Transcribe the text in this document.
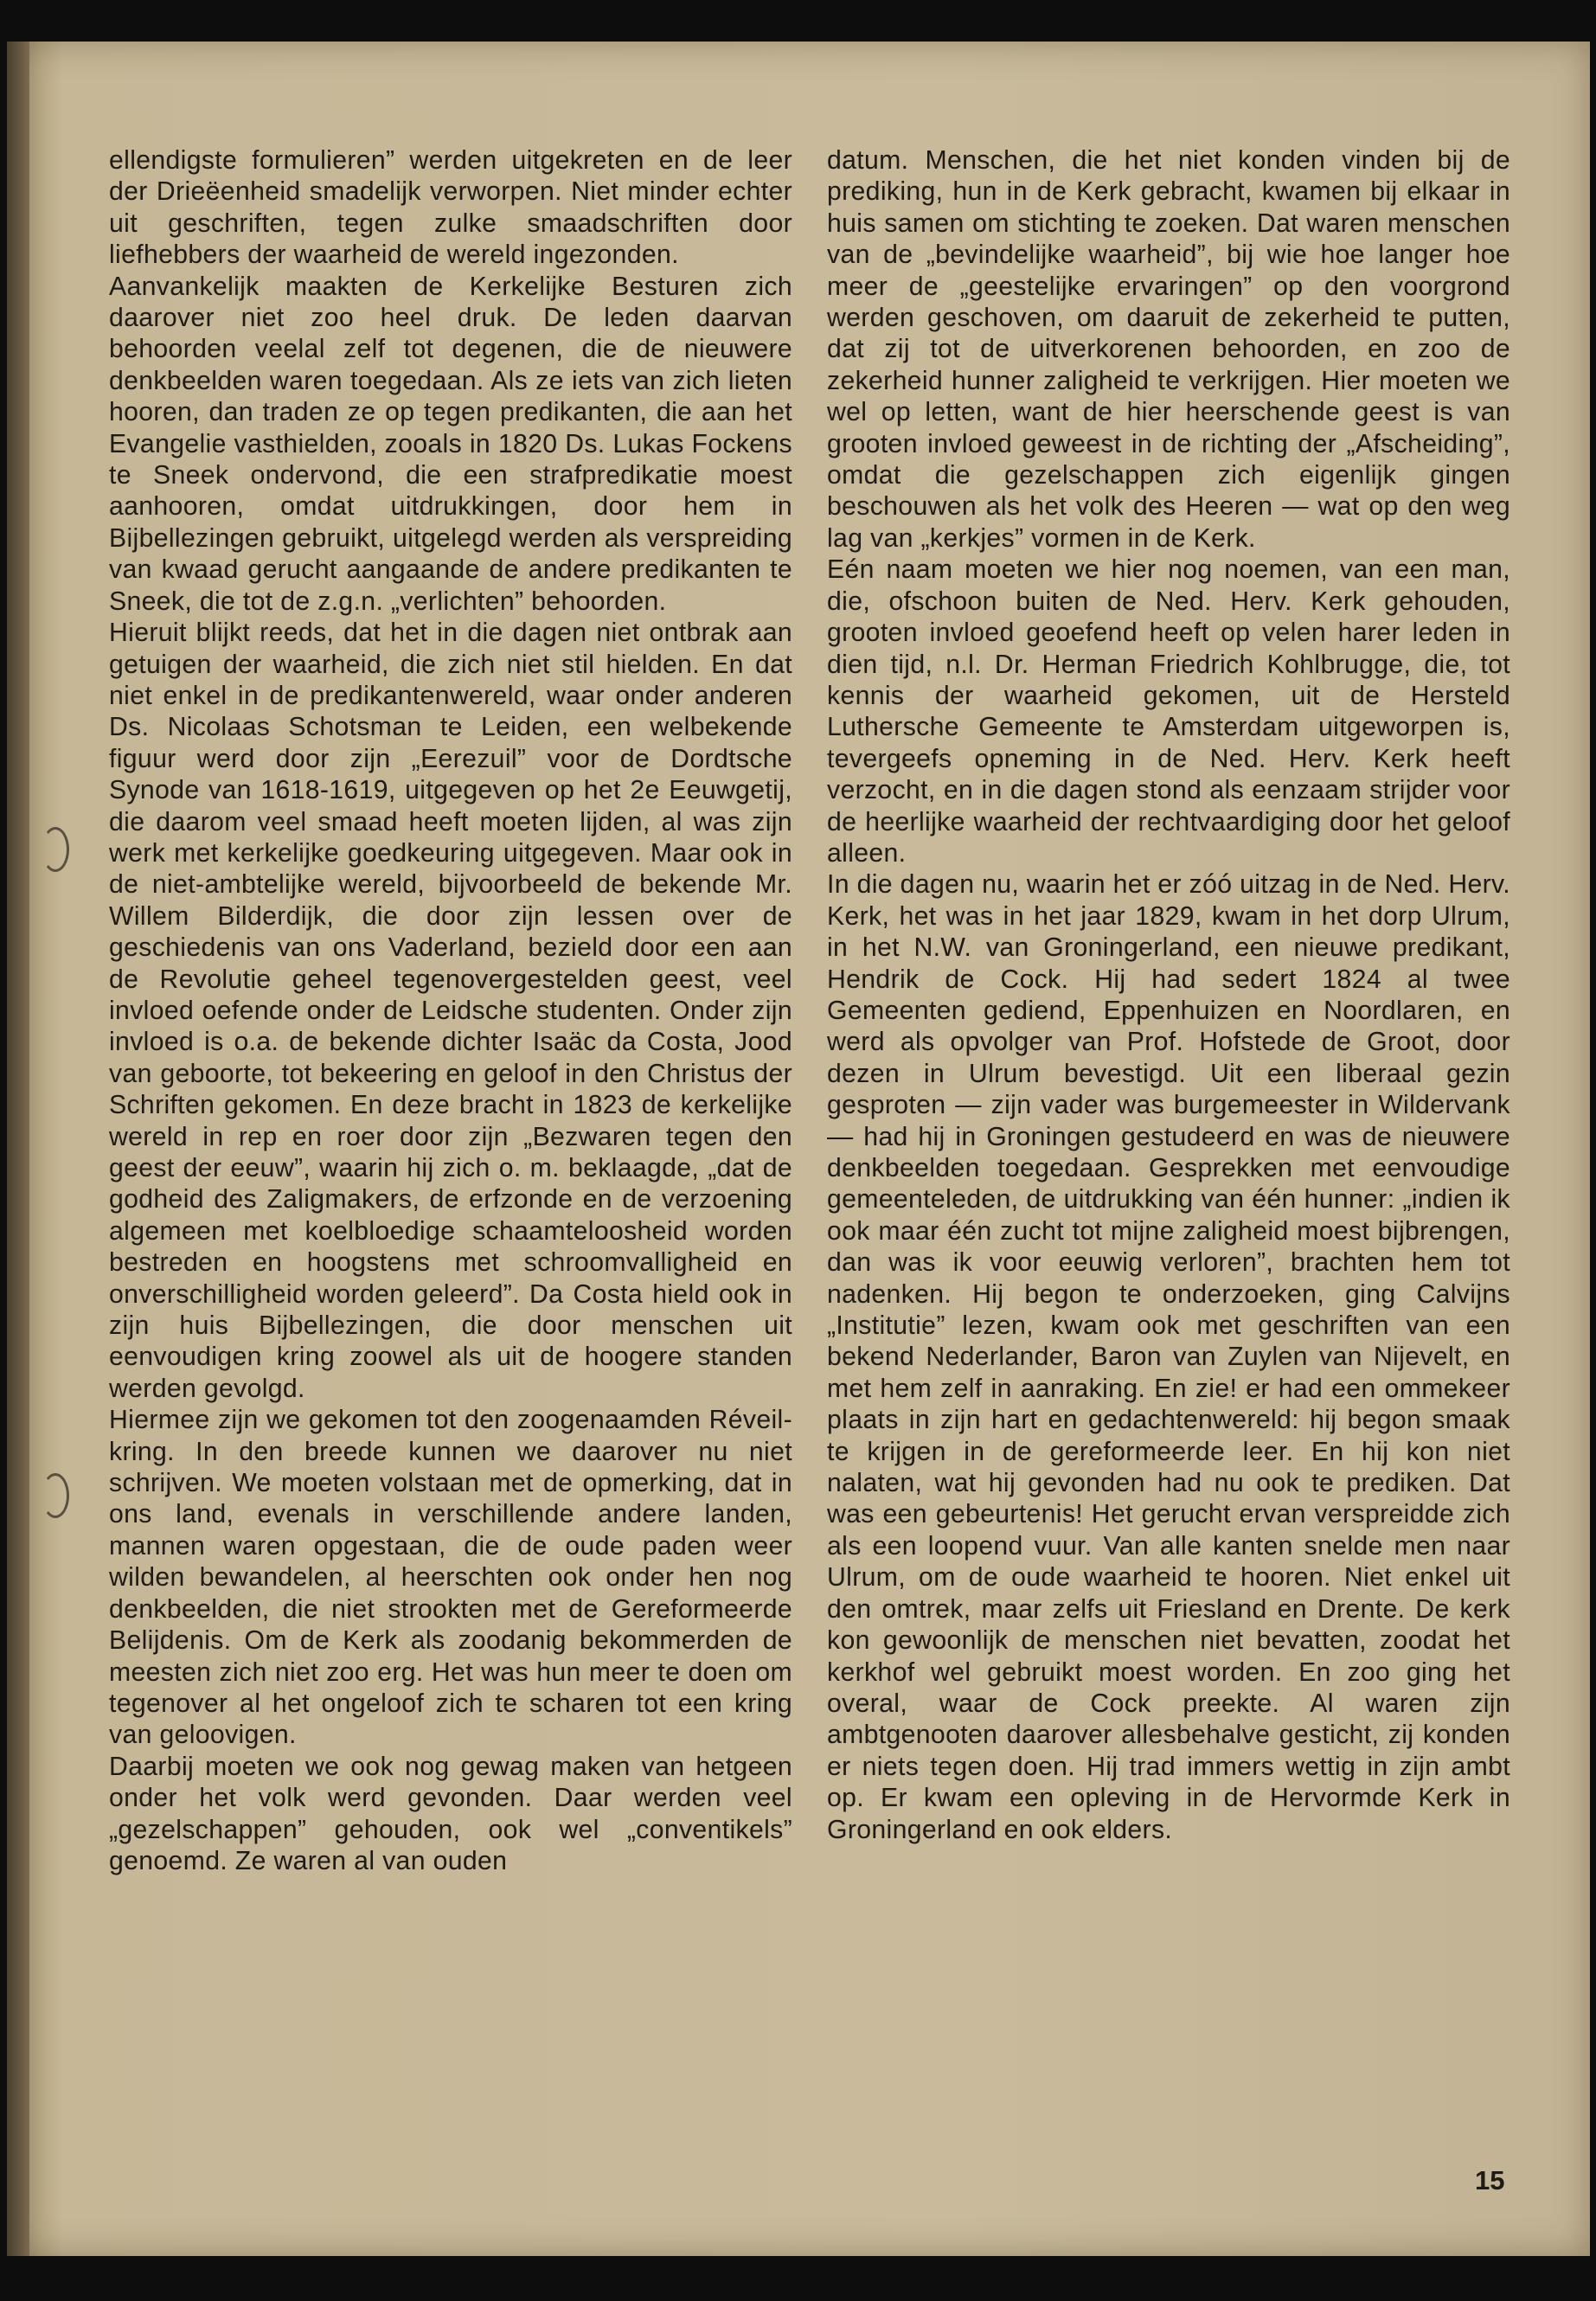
ellendigste formulieren” werden uitgekreten en de leer der Drieëenheid smadelijk verworpen. Niet minder echter uit geschriften, tegen zulke smaadschriften door liefhebbers der waarheid de wereld ingezonden.

Aanvankelijk maakten de Kerkelijke Besturen zich daarover niet zoo heel druk. De leden daarvan behoorden veelal zelf tot degenen, die de nieuwere denkbeelden waren toegedaan. Als ze iets van zich lieten hooren, dan traden ze op tegen predikanten, die aan het Evangelie vasthielden, zooals in 1820 Ds. Lukas Fockens te Sneek ondervond, die een strafpredikatie moest aanhooren, omdat uitdrukkingen, door hem in Bijbellezingen gebruikt, uitgelegd werden als verspreiding van kwaad gerucht aangaande de andere predikanten te Sneek, die tot de z.g.n. „verlichten” behoorden.

Hieruit blijkt reeds, dat het in die dagen niet ontbrak aan getuigen der waarheid, die zich niet stil hielden. En dat niet enkel in de predikantenwereld, waar onder anderen Ds. Nicolaas Schotsman te Leiden, een welbekende figuur werd door zijn „Eerezuil” voor de Dordtsche Synode van 1618-1619, uitgegeven op het 2e Eeuwgetij, die daarom veel smaad heeft moeten lijden, al was zijn werk met kerkelijke goedkeuring uitgegeven. Maar ook in de niet-ambtelijke wereld, bijvoorbeeld de bekende Mr. Willem Bilderdijk, die door zijn lessen over de geschiedenis van ons Vaderland, bezield door een aan de Revolutie geheel tegenovergestelden geest, veel invloed oefende onder de Leidsche studenten. Onder zijn invloed is o.a. de bekende dichter Isaäc da Costa, Jood van geboorte, tot bekeering en geloof in den Christus der Schriften gekomen. En deze bracht in 1823 de kerkelijke wereld in rep en roer door zijn „Bezwaren tegen den geest der eeuw”, waarin hij zich o. m. beklaagde, „dat de godheid des Zaligmakers, de erfzonde en de verzoening algemeen met koelbloedige schaamteloosheid worden bestreden en hoogstens met schroomvalligheid en onverschilligheid worden geleerd”. Da Costa hield ook in zijn huis Bijbellezingen, die door menschen uit eenvoudigen kring zoowel als uit de hoogere standen werden gevolgd.

Hiermee zijn we gekomen tot den zoogenaamden Réveil-kring. In den breede kunnen we daarover nu niet schrijven. We moeten volstaan met de opmerking, dat in ons land, evenals in verschillende andere landen, mannen waren opgestaan, die de oude paden weer wilden bewandelen, al heerschten ook onder hen nog denkbeelden, die niet strookten met de Gereformeerde Belijdenis. Om de Kerk als zoodanig bekommerden de meesten zich niet zoo erg. Het was hun meer te doen om tegenover al het ongeloof zich te scharen tot een kring van geloovigen.

Daarbij moeten we ook nog gewag maken van hetgeen onder het volk werd gevonden. Daar werden veel „gezelschappen” gehouden, ook wel „conventikels” genoemd. Ze waren al van ouden

datum. Menschen, die het niet konden vinden bij de prediking, hun in de Kerk gebracht, kwamen bij elkaar in huis samen om stichting te zoeken. Dat waren menschen van de „bevindelijke waarheid”, bij wie hoe langer hoe meer de „geestelijke ervaringen” op den voorgrond werden geschoven, om daaruit de zekerheid te putten, dat zij tot de uitverkorenen behoorden, en zoo de zekerheid hunner zaligheid te verkrijgen. Hier moeten we wel op letten, want de hier heerschende geest is van grooten invloed geweest in de richting der „Afscheiding”, omdat die gezelschappen zich eigenlijk gingen beschouwen als het volk des Heeren — wat op den weg lag van „kerkjes” vormen in de Kerk.

Eén naam moeten we hier nog noemen, van een man, die, ofschoon buiten de Ned. Herv. Kerk gehouden, grooten invloed geoefend heeft op velen harer leden in dien tijd, n.l. Dr. Herman Friedrich Kohlbrugge, die, tot kennis der waarheid gekomen, uit de Hersteld Luthersche Gemeente te Amsterdam uitgeworpen is, tevergeefs opneming in de Ned. Herv. Kerk heeft verzocht, en in die dagen stond als eenzaam strijder voor de heerlijke waarheid der rechtvaardiging door het geloof alleen.

In die dagen nu, waarin het er zóó uitzag in de Ned. Herv. Kerk, het was in het jaar 1829, kwam in het dorp Ulrum, in het N.W. van Groningerland, een nieuwe predikant, Hendrik de Cock. Hij had sedert 1824 al twee Gemeenten gediend, Eppenhuizen en Noordlaren, en werd als opvolger van Prof. Hofstede de Groot, door dezen in Ulrum bevestigd. Uit een liberaal gezin gesproten — zijn vader was burgemeester in Wildervank — had hij in Groningen gestudeerd en was de nieuwere denkbeelden toegedaan. Gesprekken met eenvoudige gemeenteleden, de uitdrukking van één hunner: „indien ik ook maar één zucht tot mijne zaligheid moest bijbrengen, dan was ik voor eeuwig verloren”, brachten hem tot nadenken. Hij begon te onderzoeken, ging Calvijns „Institutie” lezen, kwam ook met geschriften van een bekend Nederlander, Baron van Zuylen van Nijevelt, en met hem zelf in aanraking. En zie! er had een ommekeer plaats in zijn hart en gedachtenwereld: hij begon smaak te krijgen in de gereformeerde leer. En hij kon niet nalaten, wat hij gevonden had nu ook te prediken. Dat was een gebeurtenis! Het gerucht ervan verspreidde zich als een loopend vuur. Van alle kanten snelde men naar Ulrum, om de oude waarheid te hooren. Niet enkel uit den omtrek, maar zelfs uit Friesland en Drente. De kerk kon gewoonlijk de menschen niet bevatten, zoodat het kerkhof wel gebruikt moest worden. En zoo ging het overal, waar de Cock preekte. Al waren zijn ambtgenooten daarover allesbehalve gesticht, zij konden er niets tegen doen. Hij trad immers wettig in zijn ambt op. Er kwam een opleving in de Hervormde Kerk in Groningerland en ook elders.

15
